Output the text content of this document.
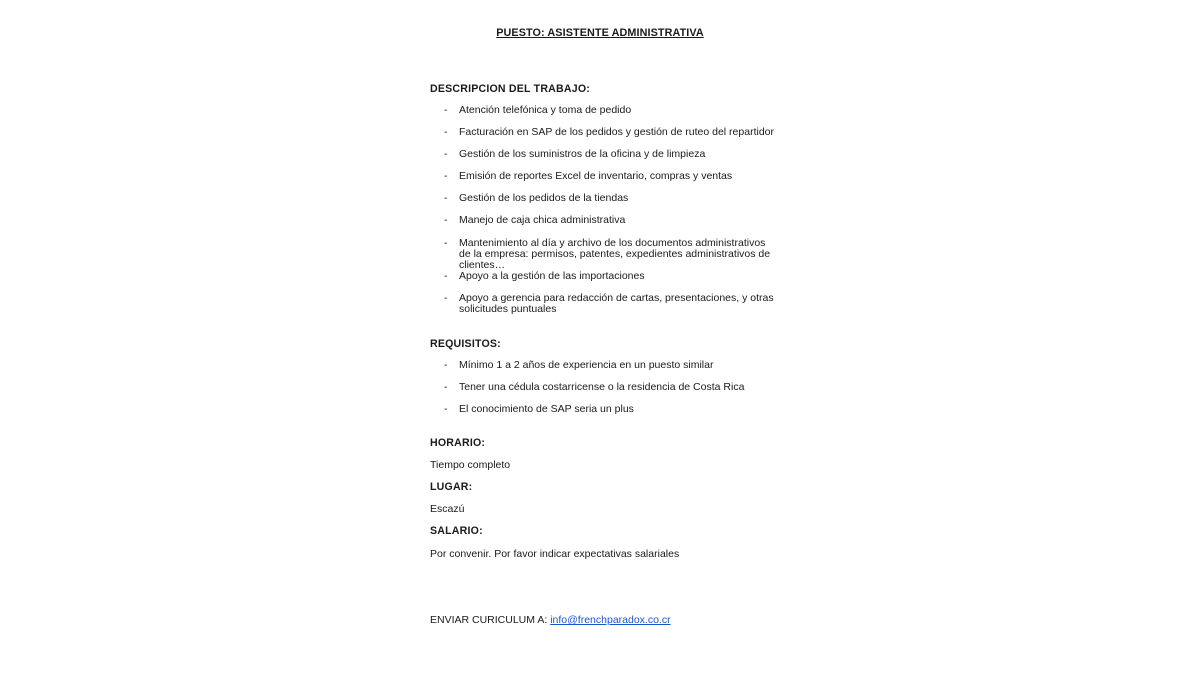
PUESTO: ASISTENTE ADMINISTRATIVA
DESCRIPCION DEL TRABAJO:
- Atención telefónica y toma de pedido
- Facturación en SAP de los pedidos y gestión de ruteo del repartidor
- Gestión de los suministros de la oficina y de limpieza
- Emisión de reportes Excel de inventario, compras y ventas
- Gestión de los pedidos de la tiendas
- Manejo de caja chica administrativa
- Mantenimiento al día y archivo de los documentos administrativos de la empresa: permisos, patentes, expedientes administrativos de clientes…
- Apoyo a la gestión de las importaciones
- Apoyo a gerencia para redacción de cartas, presentaciones, y otras solicitudes puntuales
REQUISITOS:
- Mínimo 1 a 2 años de experiencia en un puesto similar
- Tener una cédula costarricense o la residencia de Costa Rica
- El conocimiento de SAP seria un plus
HORARIO:
Tiempo completo
LUGAR:
Escazú
SALARIO:
Por convenir. Por favor indicar expectativas salariales
ENVIAR CURICULUM A: info@frenchparadox.co.cr
